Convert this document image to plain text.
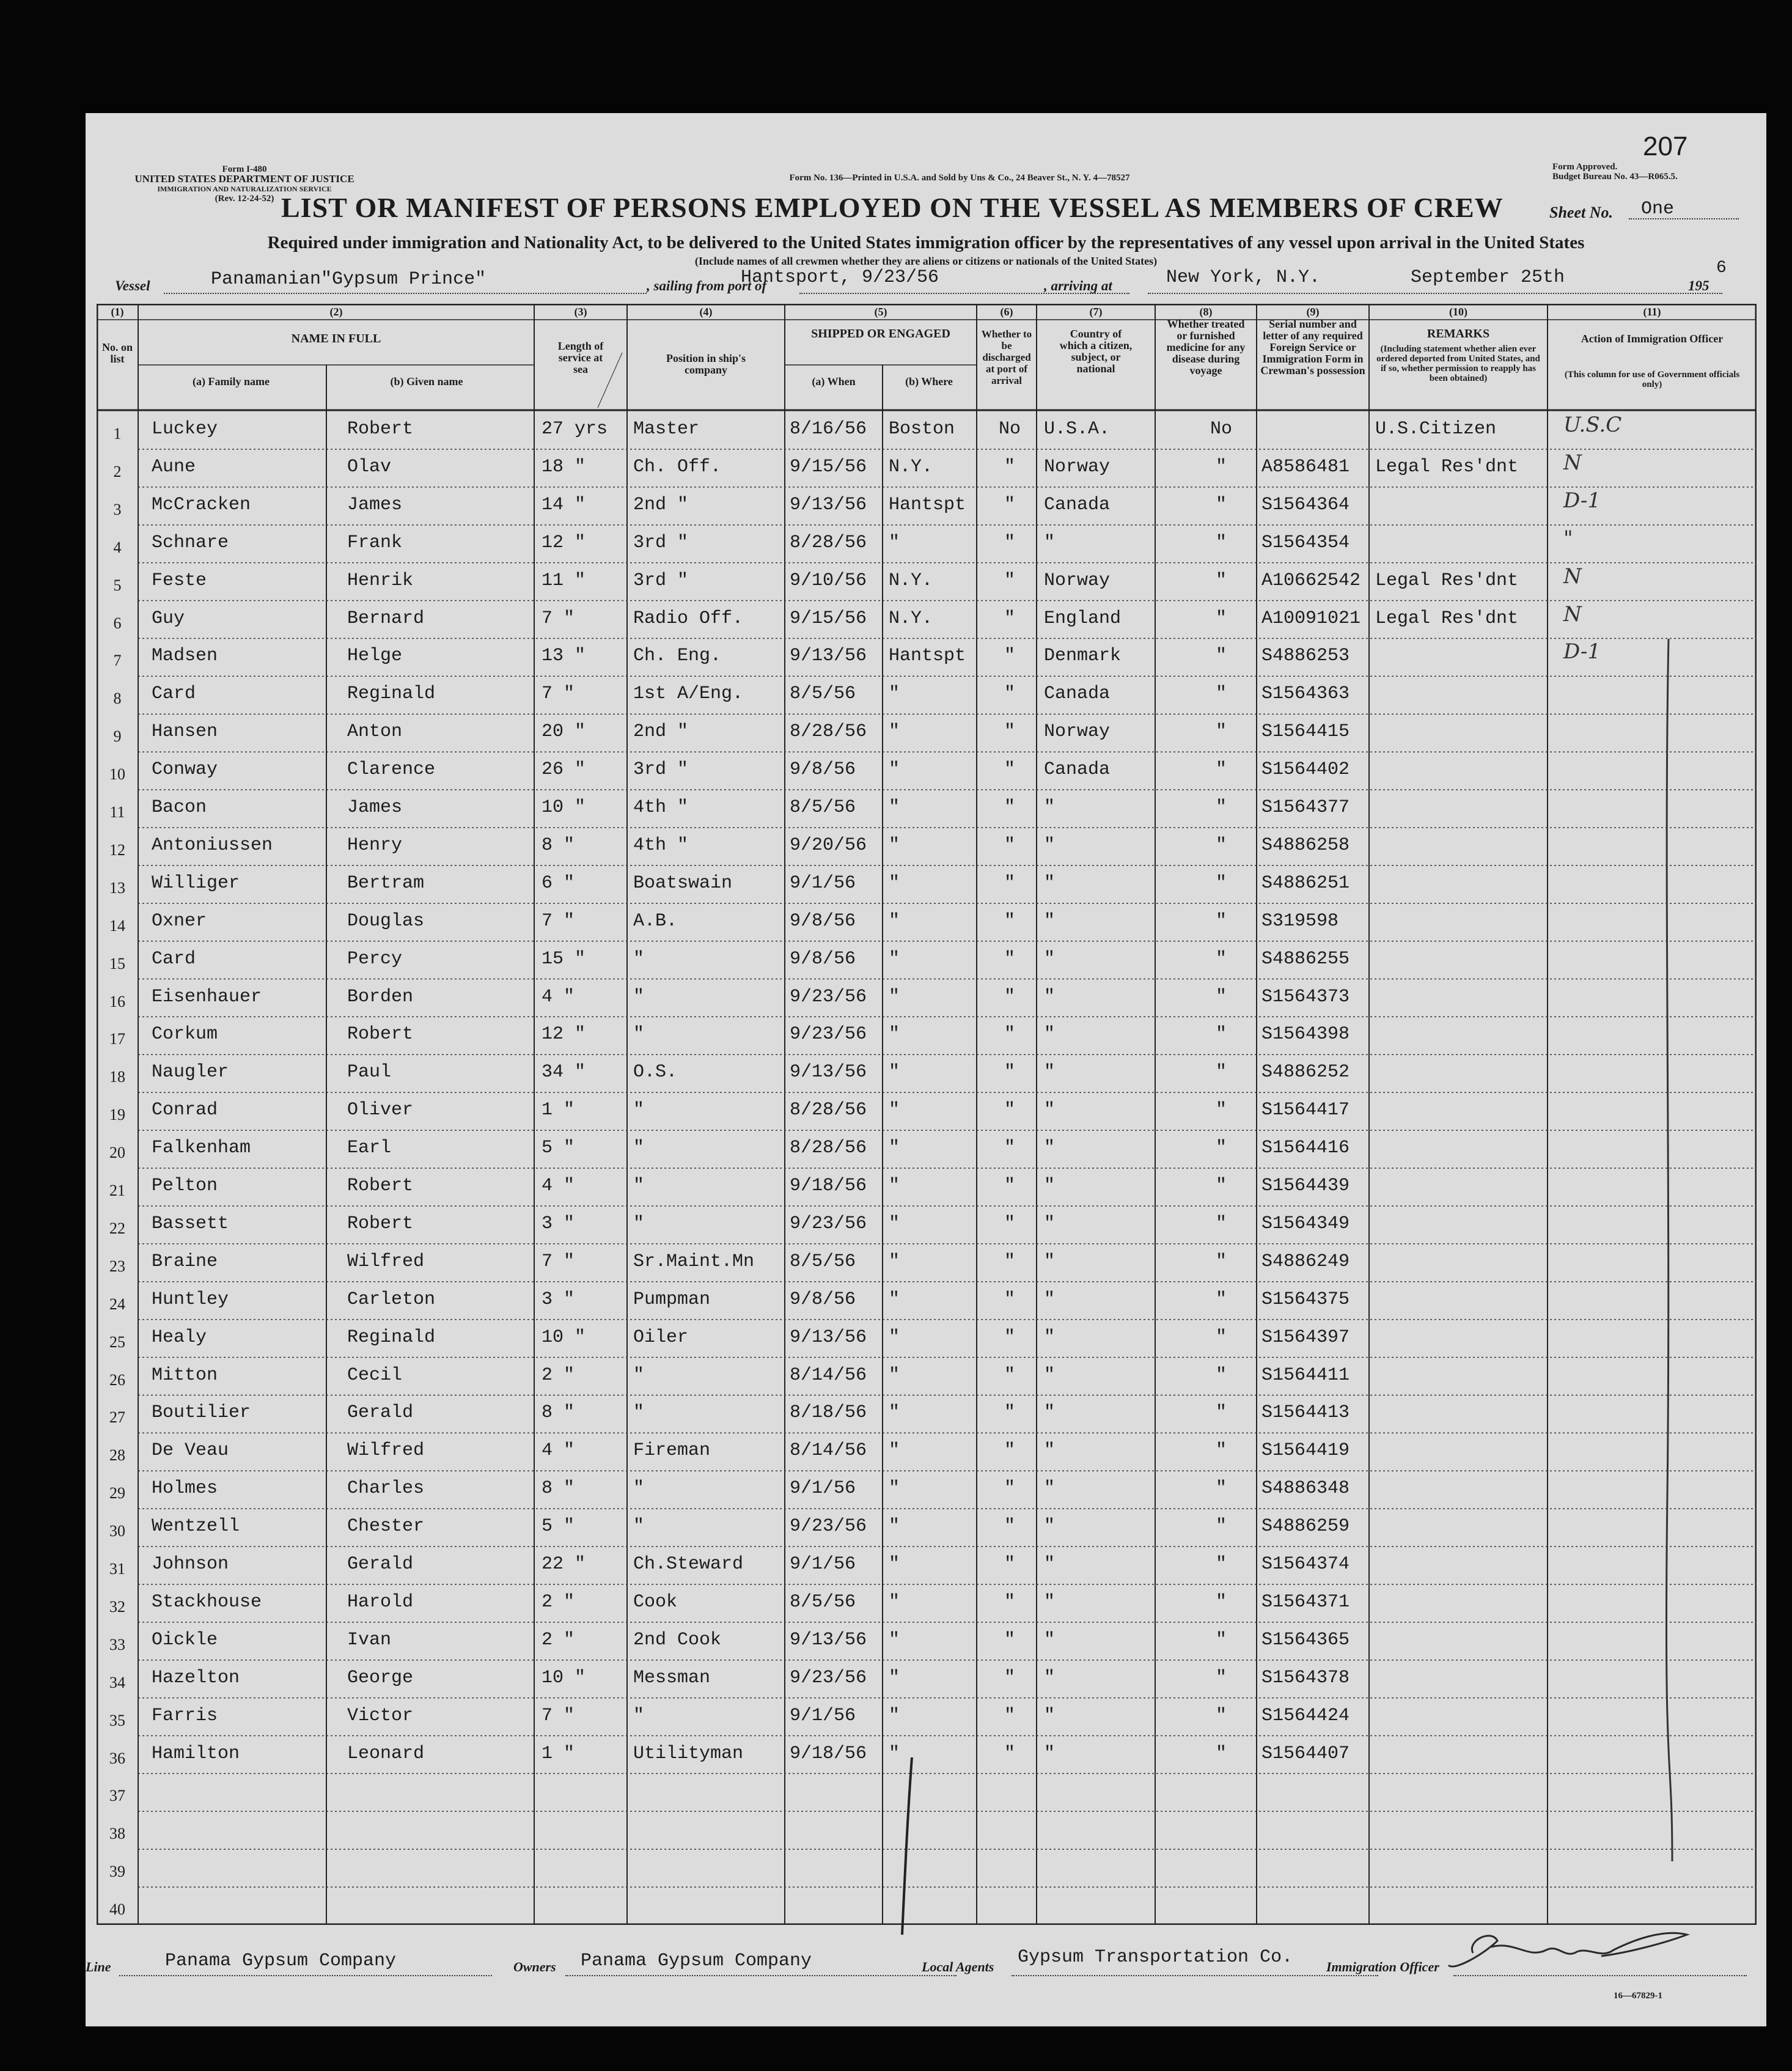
207
Form I-480
UNITED STATES DEPARTMENT OF JUSTICE
IMMIGRATION AND NATURALIZATION SERVICE
(Rev. 12-24-52)
Form No. 136—Printed in U.S.A. and Sold by Uns & Co., 24 Beaver St., N. Y. 4—78527
Form Approved.
Budget Bureau No. 43—R065.5.
LIST OR MANIFEST OF PERSONS EMPLOYED ON THE VESSEL AS MEMBERS OF CREW	Sheet No. One
Required under immigration and Nationality Act, to be delivered to the United States immigration officer by the representatives of any vessel upon arrival in the United States
(Include names of all crewmen whether they are aliens or citizens or nationals of the United States)
Vessel	Panamanian"Gypsum Prince"	, sailing from port of
Hantsport, 9/23/56	, arriving at	New York, N.Y.	September 25th	195
6
(1)
No. on list
(2)
NAME IN FULL
(a) Family name	(b) Given name
(3)
Length of service at sea
(4)
Position in ship's company
(5)
SHIPPED OR ENGAGED
(a) When	(b) Where
(6)
Whether to be discharged at port of arrival
(7)
Country of which a citizen, subject, or national
(8)
Whether treated or furnished medicine for any disease during voyage
(9)
Serial number and letter of any required Foreign Service or Immigration Form in Crewman's possession
(10)
REMARKS
(Including statement whether alien ever ordered deported from United States, and if so, whether permission to reapply has been obtained)
(11)
Action of Immigration Officer
(This column for use of Government officials only)
1	Luckey	Robert	27 yrs	Master	8/16/56	Boston	No	U.S.A.	No	U.S.Citizen	U.S.C
2	Aune	Olav	18 "	Ch. Off.	9/15/56	N.Y.	"	Norway	"	A8586481	Legal Res'dnt	N
3	McCracken	James	14 "	2nd "	9/13/56	Hantspt	"	Canada	"	S1564364	D-1
4	Schnare	Frank	12 "	3rd "	8/28/56	"	"	"	"	S1564354	"
5	Feste	Henrik	11 "	3rd "	9/10/56	N.Y.	"	Norway	"	A10662542 Legal Res'dnt	N
6	Guy	Bernard	7 "	Radio Off.	9/15/56	N.Y.	"	England	"	A10091021 Legal Res'dnt	N
7	Madsen	Helge	13 "	Ch. Eng.	9/13/56	Hantspt	"	Denmark	"	S4886253	D-1
8	Card	Reginald	7 "	1st A/Eng.	8/5/56	"	"	Canada	"	S1564363
9	Hansen	Anton	20 "	2nd "	8/28/56	"	"	Norway	"	S1564415
10	Conway	Clarence	26 "	3rd "	9/8/56	"	"	Canada	"	S1564402
11	Bacon	James	10 "	4th "	8/5/56	"	"	"	"	S1564377
12	Antoniussen	Henry	8 "	4th "	9/20/56	"	"	"	"	S4886258
13	Williger	Bertram	6 "	Boatswain	9/1/56	"	"	"	"	S4886251
14	Oxner	Douglas	7 "	A.B.	9/8/56	"	"	"	"	S319598
15	Card	Percy	15 "	"	9/8/56	"	"	"	"	S4886255
16	Eisenhauer	Borden	4 "	"	9/23/56	"	"	"	"	S1564373
17	Corkum	Robert	12 "	"	9/23/56	"	"	"	"	S1564398
18	Naugler	Paul	34 "	O.S.	9/13/56	"	"	"	"	S4886252
19	Conrad	Oliver	1 "	"	8/28/56	"	"	"	"	S1564417
20	Falkenham	Earl	5 "	"	8/28/56	"	"	"	"	S1564416
21	Pelton	Robert	4 "	"	9/18/56	"	"	"	"	S1564439
22	Bassett	Robert	3 "	"	9/23/56	"	"	"	"	S1564349
23	Braine	Wilfred	7 "	Sr.Maint.Mn	8/5/56	"	"	"	"	S4886249
24	Huntley	Carleton	3 "	Pumpman	9/8/56	"	"	"	"	S1564375
25	Healy	Reginald	10 "	Oiler	9/13/56	"	"	"	"	S1564397
26	Mitton	Cecil	2 "	"	8/14/56	"	"	"	"	S1564411
27	Boutilier	Gerald	8 "	"	8/18/56	"	"	"	"	S1564413
28	De Veau	Wilfred	4 "	Fireman	8/14/56	"	"	"	"	S1564419
29	Holmes	Charles	8 "	"	9/1/56	"	"	"	"	S4886348
30	Wentzell	Chester	5 "	"	9/23/56	"	"	"	"	S4886259
31	Johnson	Gerald	22 "	Ch.Steward	9/1/56	"	"	"	"	S1564374
32	Stackhouse	Harold	2 "	Cook	8/5/56	"	"	"	"	S1564371
33	Oickle	Ivan	2 "	2nd Cook	9/13/56	"	"	"	"	S1564365
34	Hazelton	George	10 "	Messman	9/23/56	"	"	"	"	S1564378
35	Farris	Victor	7 "	"	9/1/56	"	"	"	"	S1564424
36	Hamilton	Leonard	1 "	Utilityman	9/18/56	"	"	"	"	S1564407
37
38
39
40
Line	Panama Gypsum Company	Owners Panama Gypsum Company	Local Agents Gypsum Transportation Co. Immigration Officer
16—67829-1
